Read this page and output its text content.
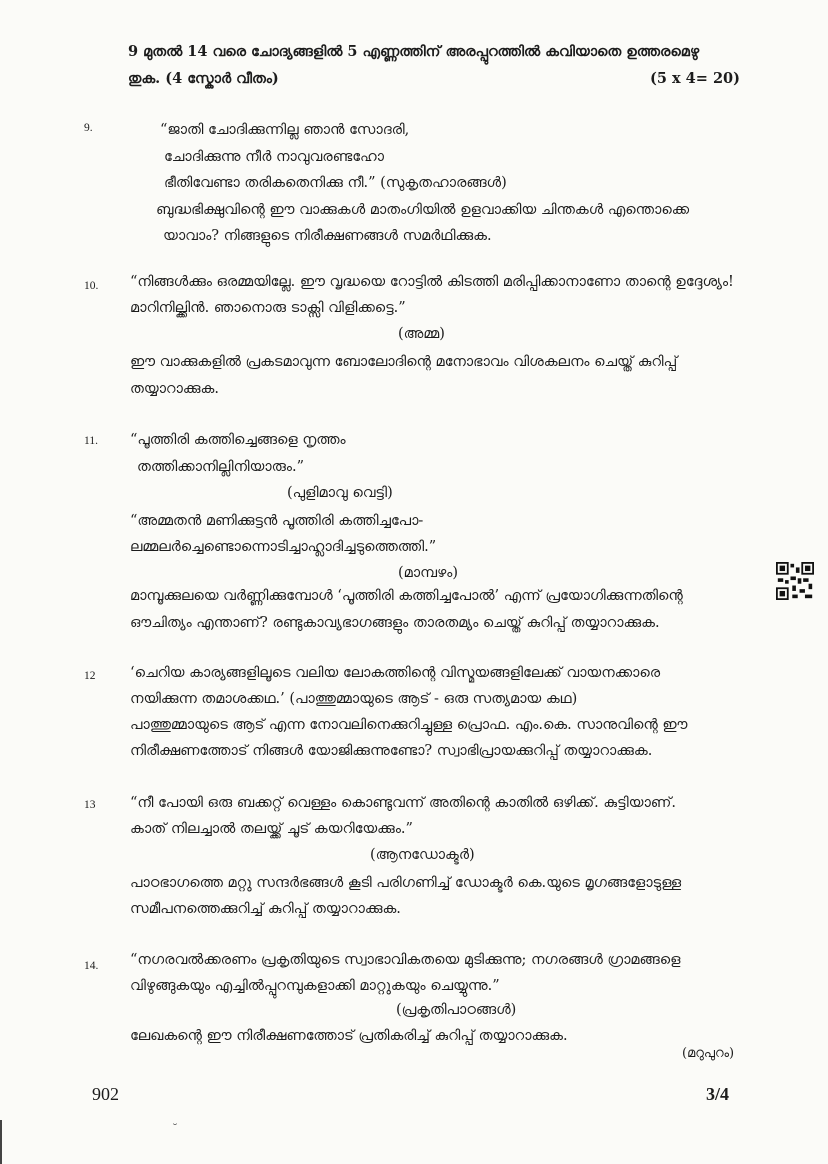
9 മുതൽ 14 വരെ ചോദ്യങ്ങളിൽ 5 എണ്ണത്തിന് അരപ്പുറത്തിൽ കവിയാതെ ഉത്തരമെഴു
തുക. (4 സ്കോർ വീതം)	(5 x 4= 20)
9.	“ജാതി ചോദിക്കുന്നില്ല ഞാൻ സോദരി,
ചോദിക്കുന്നു നീർ നാവുവരണ്ടഹോ
ഭീതിവേണ്ടാ തരികതെനിക്കു നീ.” (സുകൃതഹാരങ്ങൾ)
ബുദ്ധഭിക്ഷുവിന്റെ ഈ വാക്കുകൾ മാതംഗിയിൽ ഉളവാക്കിയ ചിന്തകൾ എന്തൊക്കെ
യാവാം? നിങ്ങളുടെ നിരീക്ഷണങ്ങൾ സമർഥിക്കുക.
10. “നിങ്ങൾക്കും ഒരമ്മയില്ലേ. ഈ വൃദ്ധയെ റോട്ടിൽ കിടത്തി മരിപ്പിക്കാനാണോ താന്റെ ഉദ്ദേശ്യം!
മാറിനില്ക്കിൻ. ഞാനൊരു ടാക്സി വിളിക്കട്ടെ.”
(അമ്മ)
ഈ വാക്കുകളിൽ പ്രകടമാവുന്ന ബോലോദിന്റെ മനോഭാവം വിശകലനം ചെയ്ത് കുറിപ്പ്
തയ്യാറാക്കുക.
11. “പൂത്തിരി കത്തിച്ചെങ്ങളെ നൃത്തം
തത്തിക്കാനില്ലിനിയാരും.”
(പുളിമാവു വെട്ടി)
“അമ്മതൻ മണിക്കുട്ടൻ പൂത്തിരി കത്തിച്ചപോ-
ലമ്മലർച്ചെണ്ടൊന്നൊടിച്ചാഹ്ലാദിച്ചടുത്തെത്തി.”
(മാമ്പഴം)
മാമ്പൂക്കുലയെ വർണ്ണിക്കുമ്പോൾ ‘പൂത്തിരി കത്തിച്ചപോൽ’ എന്ന് പ്രയോഗിക്കുന്നതിന്റെ
ഔചിത്യം എന്താണ്? രണ്ടുകാവ്യഭാഗങ്ങളും താരതമ്യം ചെയ്ത് കുറിപ്പ് തയ്യാറാക്കുക.
12 ‘ചെറിയ കാര്യങ്ങളിലൂടെ വലിയ ലോകത്തിന്റെ വിസ്മയങ്ങളിലേക്ക് വായനക്കാരെ
നയിക്കുന്ന തമാശക്കഥ.’ (പാത്തുമ്മായുടെ ആട് - ഒരു സത്യമായ കഥ)
പാത്തുമ്മായുടെ ആട് എന്ന നോവലിനെക്കുറിച്ചുള്ള പ്രൊഫ. എം.കെ. സാനുവിന്റെ ഈ
നിരീക്ഷണത്തോട് നിങ്ങൾ യോജിക്കുന്നുണ്ടോ? സ്വാഭിപ്രായക്കുറിപ്പ് തയ്യാറാക്കുക.
13 “നീ പോയി ഒരു ബക്കറ്റ് വെള്ളം കൊണ്ടുവന്ന് അതിന്റെ കാതിൽ ഒഴിക്ക്. കുട്ടിയാണ്.
കാത് നിലച്ചാൽ തലയ്ക്ക് ചൂട് കയറിയേക്കും.”
(ആനഡോക്ടർ)
പാഠഭാഗത്തെ മറ്റു സന്ദർഭങ്ങൾ കൂടി പരിഗണിച്ച് ഡോക്ടർ കെ.യുടെ മൃഗങ്ങളോടുള്ള
സമീപനത്തെക്കുറിച്ച് കുറിപ്പ് തയ്യാറാക്കുക.
14. “നഗരവൽക്കരണം പ്രകൃതിയുടെ സ്വാഭാവികതയെ മുടിക്കുന്നു; നഗരങ്ങൾ ഗ്രാമങ്ങളെ
വിഴുങ്ങുകയും എച്ചിൽപ്പുറമ്പുകളാക്കി മാറ്റുകയും ചെയ്യുന്നു.”
(പ്രകൃതിപാഠങ്ങൾ)
ലേഖകന്റെ ഈ നിരീക്ഷണത്തോട് പ്രതികരിച്ച് കുറിപ്പ് തയ്യാറാക്കുക.
(മറുപുറം)
902	3/4
˘
